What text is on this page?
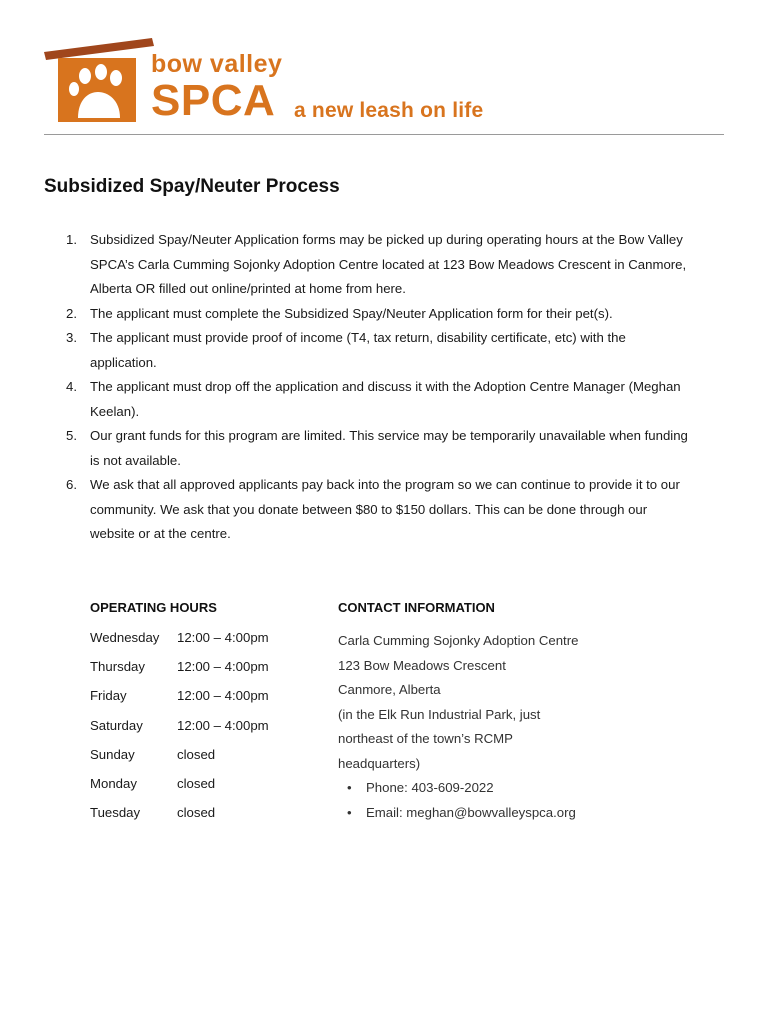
bow valley
SPCA a new leash on life
Subsidized Spay/Neuter Process
1. Subsidized Spay/Neuter Application forms may be picked up during operating hours at the Bow Valley
SPCA’s Carla Cumming Sojonky Adoption Centre located at 123 Bow Meadows Crescent in Canmore,
Alberta OR filled out online/printed at home from here.
2. The applicant must complete the Subsidized Spay/Neuter Application form for their pet(s).
3. The applicant must provide proof of income (T4, tax return, disability certificate, etc) with the
application.
4. The applicant must drop off the application and discuss it with the Adoption Centre Manager (Meghan
Keelan).
5. Our grant funds for this program are limited. This service may be temporarily unavailable when funding
is not available.
6. We ask that all approved applicants pay back into the program so we can continue to provide it to our
community. We ask that you donate between $80 to $150 dollars. This can be done through our
website or at the centre.
OPERATING HOURS
Wednesday	12:00 – 4:00pm
Thursday	12:00 – 4:00pm
Friday	12:00 – 4:00pm
Saturday	12:00 – 4:00pm
Sunday	closed
Monday	closed
Tuesday	closed
CONTACT INFORMATION
Carla Cumming Sojonky Adoption Centre
123 Bow Meadows Crescent
Canmore, Alberta
(in the Elk Run Industrial Park, just
northeast of the town’s RCMP
headquarters)
• Phone: 403-609-2022
• Email: meghan@bowvalleyspca.org
